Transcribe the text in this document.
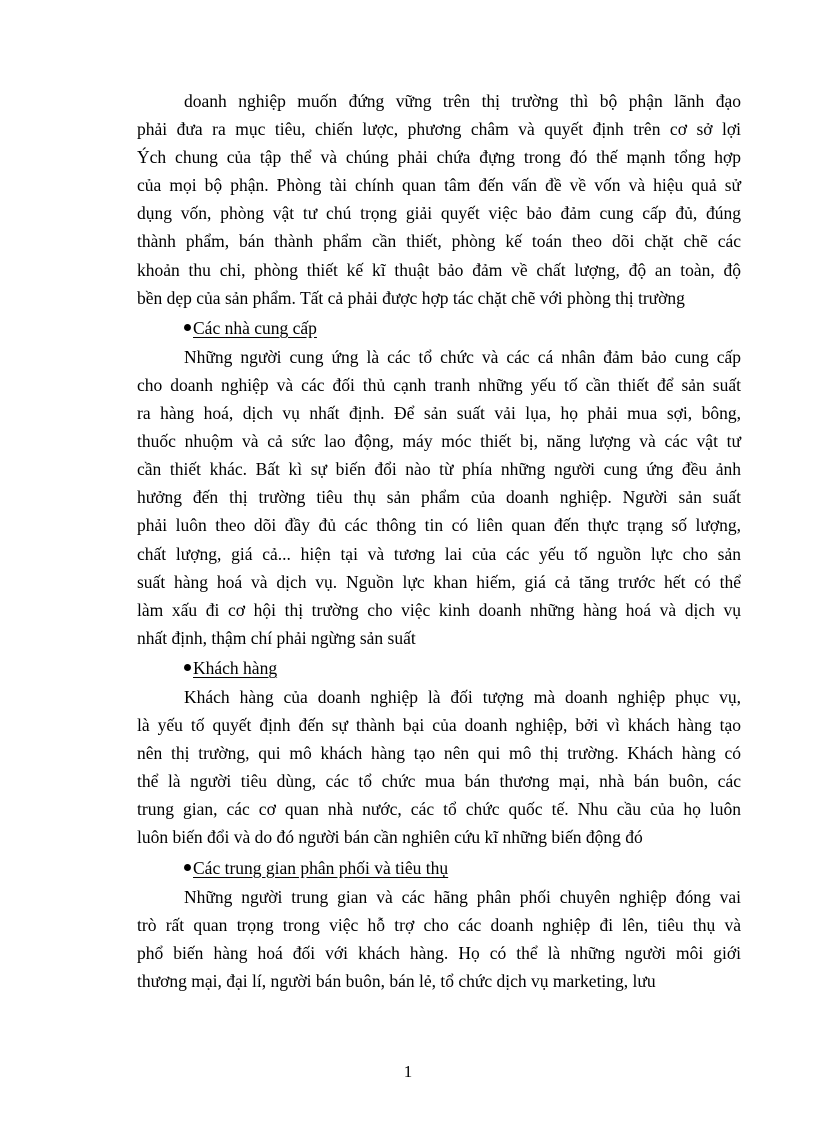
doanh nghiệp muốn đứng vững trên thị trường thì bộ phận lãnh đạo
phải đưa ra mục tiêu, chiến lược, phương châm và quyết định trên cơ sở lợi
Ých chung của tập thể và chúng phải chứa đựng trong đó thế mạnh tổng hợp
của mọi bộ phận. Phòng tài chính quan tâm đến vấn đề về vốn và hiệu quả sử
dụng vốn, phòng vật tư chú trọng giải quyết việc bảo đảm cung cấp đủ, đúng
thành phẩm, bán thành phẩm cần thiết, phòng kế toán theo dõi chặt chẽ các
khoản thu chi, phòng thiết kế kĩ thuật bảo đảm về chất lượng, độ an toàn, độ
bền dẹp của sản phẩm. Tất cả phải được hợp tác chặt chẽ với phòng thị trường
Các nhà cung cấp
Những người cung ứng là các tổ chức và các cá nhân đảm bảo cung cấp
cho doanh nghiệp và các đối thủ cạnh tranh những yếu tố cần thiết để sản suất
ra hàng hoá, dịch vụ nhất định. Để sản suất vải lụa, họ phải mua sợi, bông,
thuốc nhuộm và cả sức lao động, máy móc thiết bị, năng lượng và các vật tư
cần thiết khác. Bất kì sự biến đổi nào từ phía những người cung ứng đều ảnh
hưởng đến thị trường tiêu thụ sản phẩm của doanh nghiệp. Người sản suất
phải luôn theo dõi đầy đủ các thông tin có liên quan đến thực trạng số lượng,
chất lượng, giá cả... hiện tại và tương lai của các yếu tố nguồn lực cho sản
suất hàng hoá và dịch vụ. Nguồn lực khan hiếm, giá cả tăng trước hết có thể
làm xấu đi cơ hội thị trường cho việc kinh doanh những hàng hoá và dịch vụ
nhất định, thậm chí phải ngừng sản suất
Khách hàng
Khách hàng của doanh nghiệp là đối tượng mà doanh nghiệp phục vụ,
là yếu tố quyết định đến sự thành bại của doanh nghiệp, bởi vì khách hàng tạo
nên thị trường, qui mô khách hàng tạo nên qui mô thị trường. Khách hàng có
thể là người tiêu dùng, các tổ chức mua bán thương mại, nhà bán buôn, các
trung gian, các cơ quan nhà nước, các tổ chức quốc tế. Nhu cầu của họ luôn
luôn biến đổi và do đó người bán cần nghiên cứu kĩ những biến động đó
Các trung gian phân phối và tiêu thụ
Những người trung gian và các hãng phân phối chuyên nghiệp đóng vai
trò rất quan trọng trong việc hỗ trợ cho các doanh nghiệp đi lên, tiêu thụ và
phổ biến hàng hoá đối với khách hàng. Họ có thể là những người môi giới
thương mại, đại lí, người bán buôn, bán lẻ, tổ chức dịch vụ marketing, lưu
1
